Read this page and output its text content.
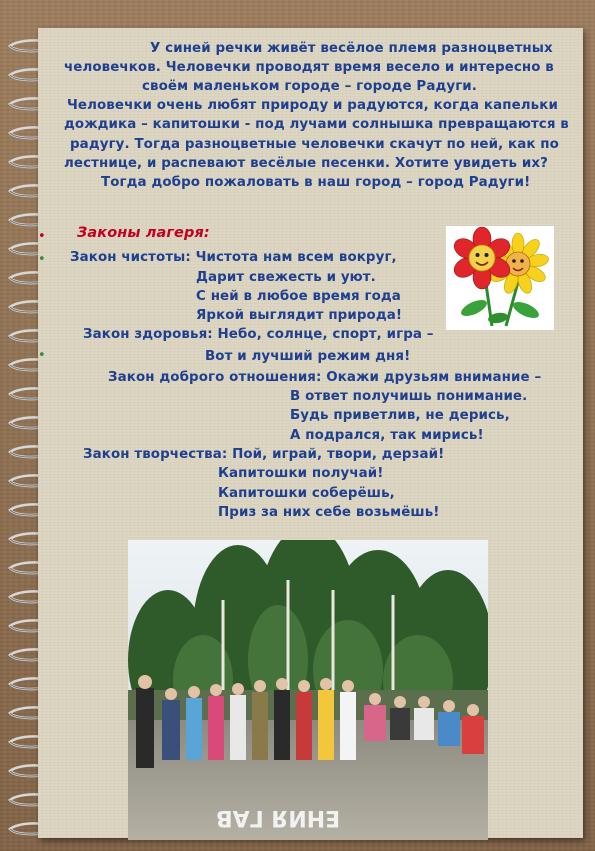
У синей речки живёт весёлое племя разноцветных
человечков. Человечки проводят время весело и интересно в
своём маленьком городе – городе Радуги.
Человечки очень любят природу и радуются, когда капельки
дождика – капитошки - под лучами солнышка превращаются в
радугу. Тогда разноцветные человечки скачут по ней, как по
лестнице, и распевают весёлые песенки. Хотите увидеть их?
Тогда добро пожаловать в наш город – город Радуги!
•
•
•
Законы лагеря:
Закон чистоты: Чистота нам всем вокруг,
Дарит свежесть и уют.
С ней в любое время года
Яркой выглядит природа!
Закон здоровья: Небо, солнце, спорт, игра –
Вот и лучший режим дня!
Закон доброго отношения: Окажи друзьям внимание –
В ответ получишь понимание.
Будь приветлив, не дерись,
А подрался, так мирись!
Закон творчества: Пой, играй, твори, дерзай!
Капитошки получай!
Капитошки соберёшь,
Приз за них себе возьмёшь!
ЕНИЯ ГАВ
